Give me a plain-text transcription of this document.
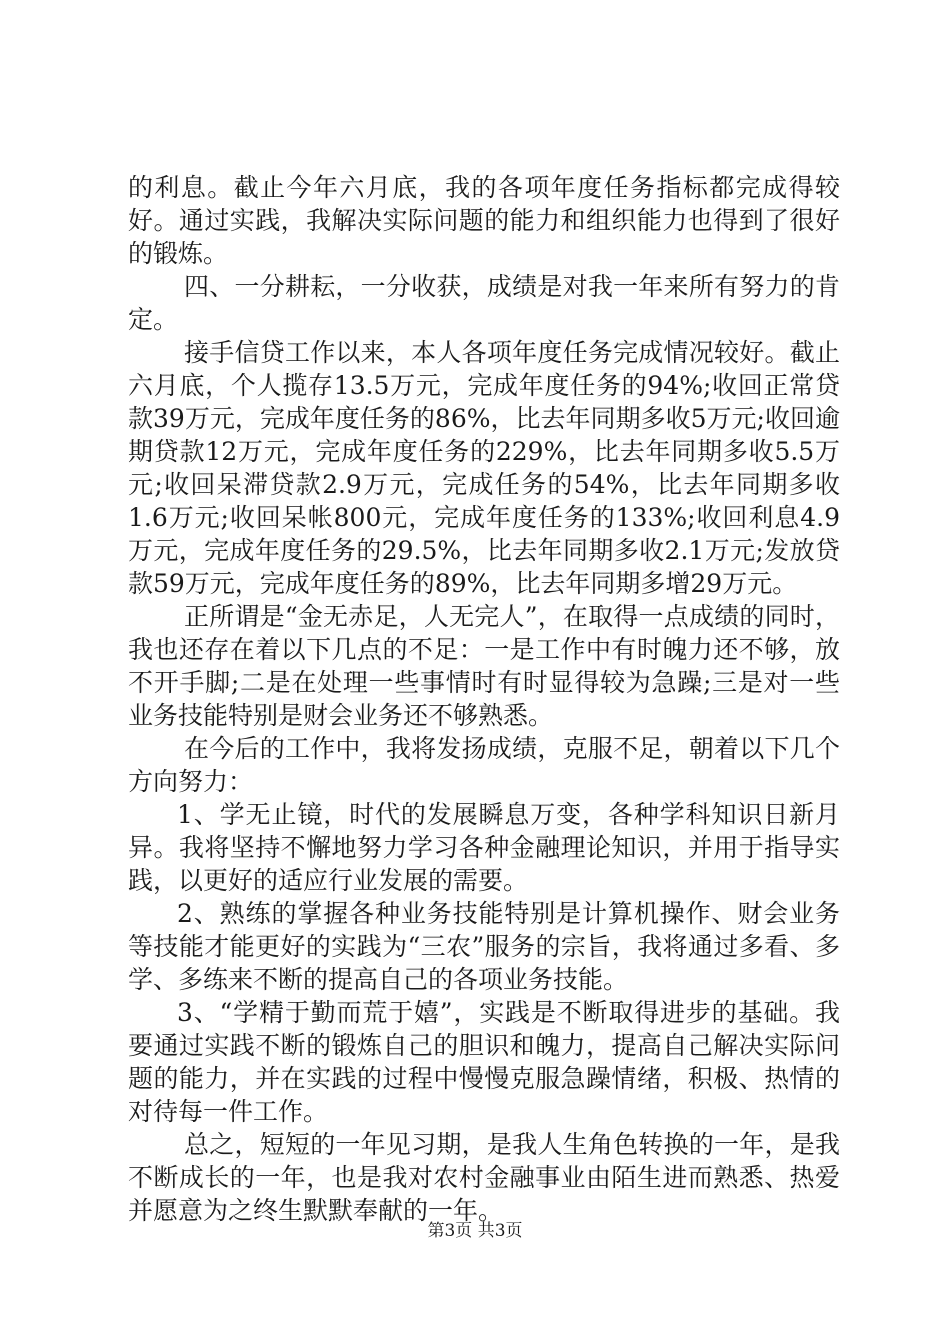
的利息。截止今年六月底，我的各项年度任务指标都完成得较好。通过实践，我解决实际问题的能力和组织能力也得到了很好的锻炼。

四、一分耕耘，一分收获，成绩是对我一年来所有努力的肯定。

接手信贷工作以来，本人各项年度任务完成情况较好。截止六月底，个人揽存13.5万元，完成年度任务的94%;收回正常贷款39万元，完成年度任务的86%，比去年同期多收5万元;收回逾期贷款12万元，完成年度任务的229%，比去年同期多收5.5万元;收回呆滞贷款2.9万元，完成任务的54%，比去年同期多收1.6万元;收回呆帐800元，完成年度任务的133%;收回利息4.9万元，完成年度任务的29.5%，比去年同期多收2.1万元;发放贷款59万元，完成年度任务的89%，比去年同期多增29万元。

正所谓是“金无赤足，人无完人”，在取得一点成绩的同时，我也还存在着以下几点的不足：一是工作中有时魄力还不够，放不开手脚;二是在处理一些事情时有时显得较为急躁;三是对一些业务技能特别是财会业务还不够熟悉。

在今后的工作中，我将发扬成绩，克服不足，朝着以下几个方向努力：

1、学无止镜，时代的发展瞬息万变，各种学科知识日新月异。我将坚持不懈地努力学习各种金融理论知识，并用于指导实践，以更好的适应行业发展的需要。

2、熟练的掌握各种业务技能特别是计算机操作、财会业务等技能才能更好的实践为“三农”服务的宗旨，我将通过多看、多学、多练来不断的提高自己的各项业务技能。

3、“学精于勤而荒于嬉”，实践是不断取得进步的基础。我要通过实践不断的锻炼自己的胆识和魄力，提高自己解决实际问题的能力，并在实践的过程中慢慢克服急躁情绪，积极、热情的对待每一件工作。

总之，短短的一年见习期，是我人生角色转换的一年，是我不断成长的一年，也是我对农村金融事业由陌生进而熟悉、热爱并愿意为之终生默默奉献的一年。

第3页 共3页
